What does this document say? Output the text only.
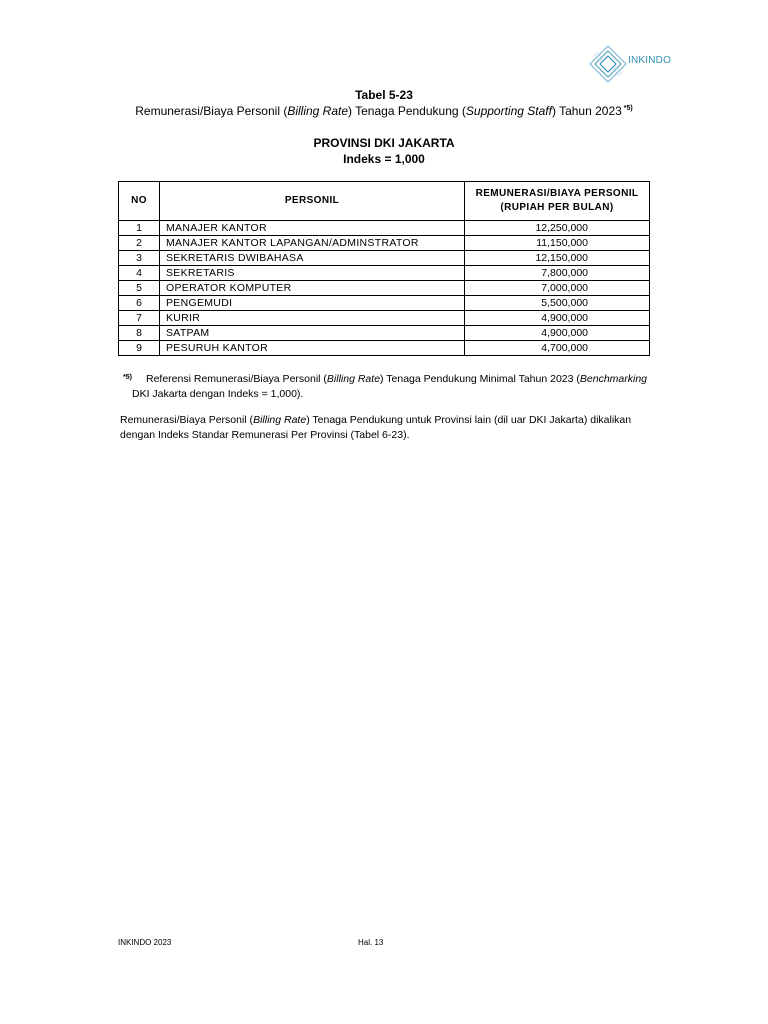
INKINDO
Tabel 5-23
Remunerasi/Biaya Personil (Billing Rate) Tenaga Pendukung (Supporting Staff) Tahun 2023 $^{*5)}$
PROVINSI DKI JAKARTA
Indeks = 1,000
NO	PERSONIL	REMUNERASI/BIAYA PERSONIL
(RUPIAH PER BULAN)
1	MANAJER KANTOR	12,250,000
2	MANAJER KANTOR LAPANGAN/ADMINSTRATOR	11,150,000
3	SEKRETARIS DWIBAHASA	12,150,000
4	SEKRETARIS	7,800,000
5	OPERATOR KOMPUTER	7,000,000
6	PENGEMUDI	5,500,000
7	KURIR	4,900,000
8	SATPAM	4,900,000
9	PESURUH KANTOR	4,700,000
*5) Referensi Remunerasi/Biaya Personil (Billing Rate) Tenaga Pendukung Minimal Tahun 2023 (Benchmarking
DKI Jakarta dengan Indeks = 1,000).
Remunerasi/Biaya Personil (Billing Rate) Tenaga Pendukung untuk Provinsi lain (dil uar DKI Jakarta) dikalikan dengan Indeks Standar Remunerasi Per Provinsi (Tabel 6-23).
INKINDO 2023	Hal. 13
